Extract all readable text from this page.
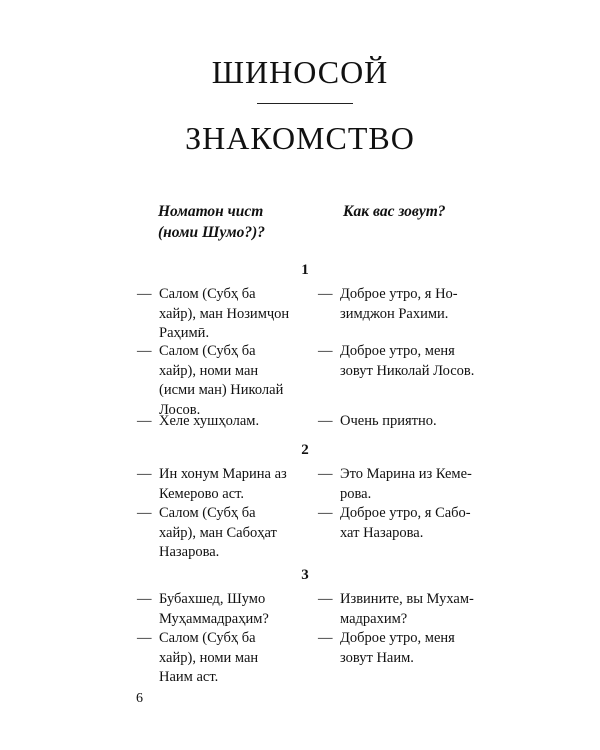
ШИНОСОЙ
ЗНАКОМСТВО
Номатон чист
(номи Шумо?)?
Как вас зовут?
1
— Салом (Субҳ ба
хайр), ман Нозимҷон
Раҳимӣ.
— Доброе утро, я Но-
зимджон Рахими.
— Салом (Субҳ ба
хайр), номи ман
(исми ман) Николай
Лосов.
— Доброе утро, меня
зовут Николай Лосов.
— Хеле хушҳолам.	— Очень приятно.
2
— Ин хонум Марина аз
Кемерово аст.
— Это Марина из Кеме-
рова.
— Салом (Субҳ ба
хайр), ман Сабоҳат
Назарова.
— Доброе утро, я Сабо-
хат Назарова.
3
— Бубахшед, Шумо
Муҳаммадраҳим?
— Извините, вы Мухам-
мадрахим?
— Салом (Субҳ ба
хайр), номи ман
Наим аст.
— Доброе утро, меня
зовут Наим.
6
